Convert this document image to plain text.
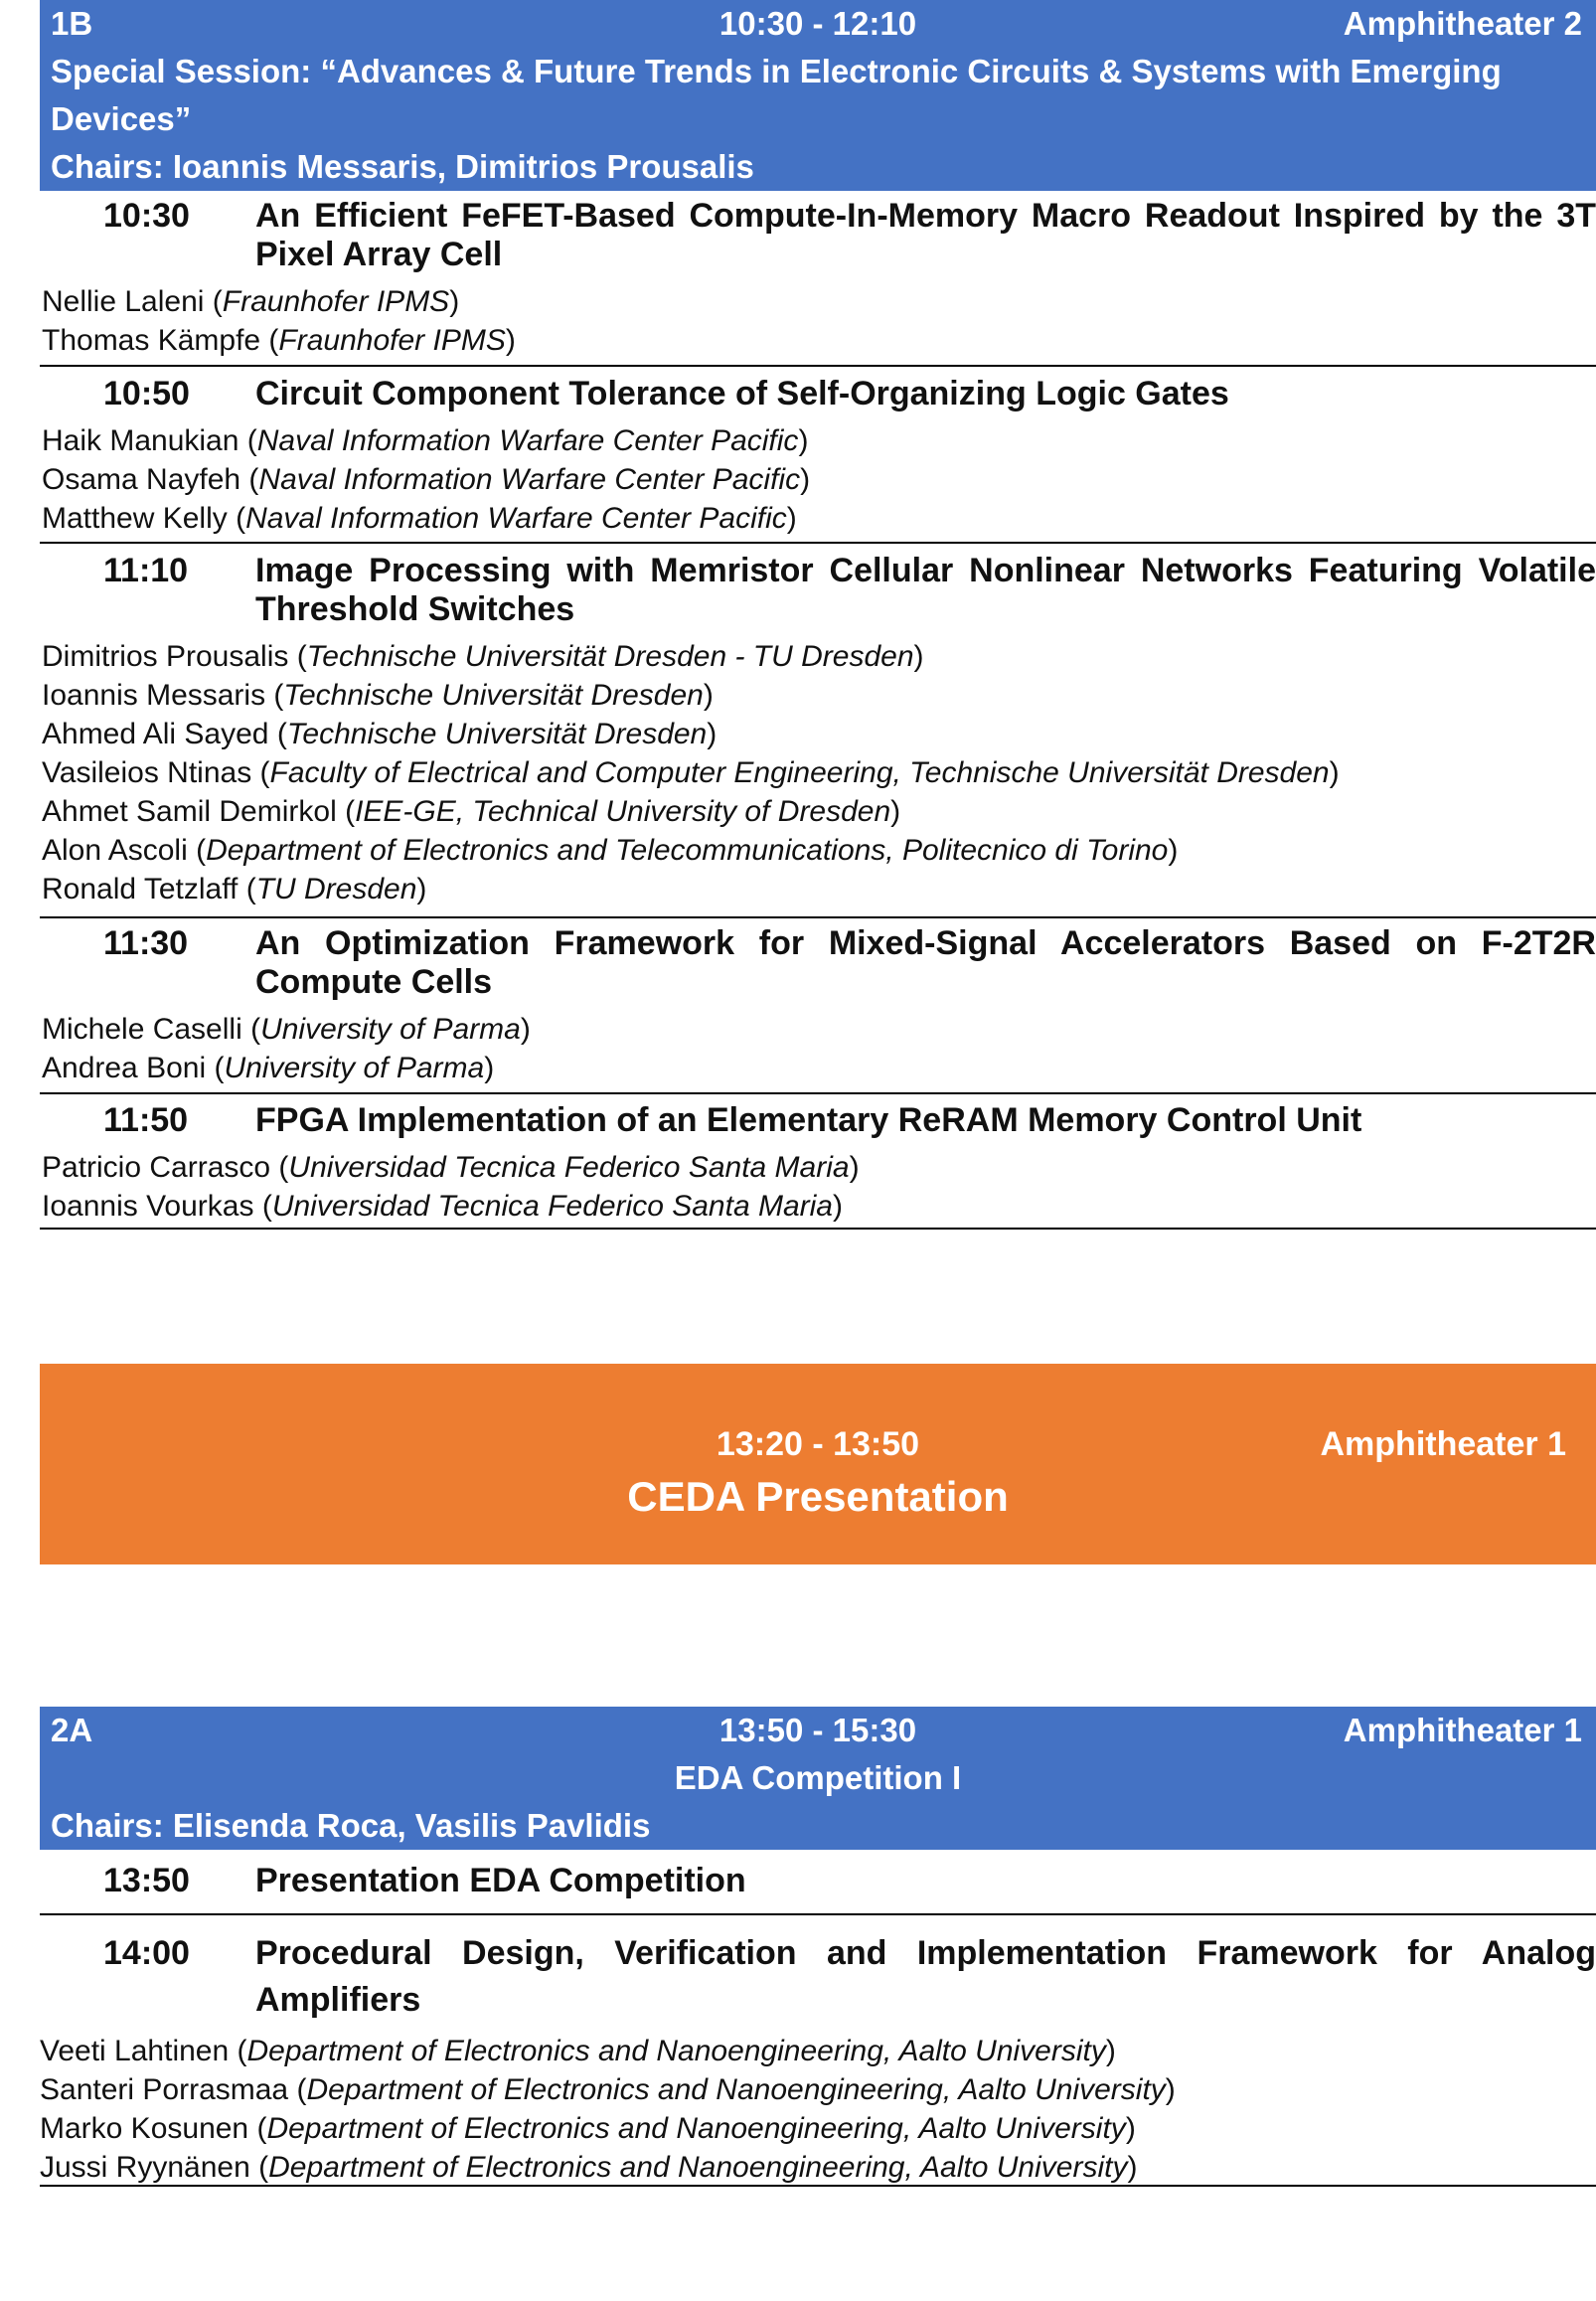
10:30 - 12:10
1B	Amphitheater 2
Special Session: “Advances & Future Trends in Electronic Circuits & Systems with Emerging
Devices”
Chairs: Ioannis Messaris, Dimitrios Prousalis
10:30 An Efficient FeFET-Based Compute-In-Memory Macro Readout Inspired by the 3T Pixel Array Cell
Nellie Laleni (Fraunhofer IPMS)
Thomas Kämpfe (Fraunhofer IPMS)
10:50 Circuit Component Tolerance of Self-Organizing Logic Gates
Haik Manukian (Naval Information Warfare Center Pacific)
Osama Nayfeh (Naval Information Warfare Center Pacific)
Matthew Kelly (Naval Information Warfare Center Pacific)
11:10 Image Processing with Memristor Cellular Nonlinear Networks Featuring Volatile Threshold Switches
Dimitrios Prousalis (Technische Universität Dresden - TU Dresden)
Ioannis Messaris (Technische Universität Dresden)
Ahmed Ali Sayed (Technische Universität Dresden)
Vasileios Ntinas (Faculty of Electrical and Computer Engineering, Technische Universität Dresden)
Ahmet Samil Demirkol (IEE-GE, Technical University of Dresden)
Alon Ascoli (Department of Electronics and Telecommunications, Politecnico di Torino)
Ronald Tetzlaff (TU Dresden)
11:30 An Optimization Framework for Mixed-Signal Accelerators Based on F-2T2R Compute Cells
Michele Caselli (University of Parma)
Andrea Boni (University of Parma)
11:50 FPGA Implementation of an Elementary ReRAM Memory Control Unit
Patricio Carrasco (Universidad Tecnica Federico Santa Maria)
Ioannis Vourkas (Universidad Tecnica Federico Santa Maria)
13:20 - 13:50	Amphitheater 1
CEDA Presentation
13:50 - 15:30
2A	Amphitheater 1
EDA Competition I
Chairs: Elisenda Roca, Vasilis Pavlidis
13:50 Presentation EDA Competition
14:00 Procedural Design, Verification and Implementation Framework for Analog Amplifiers
Veeti Lahtinen (Department of Electronics and Nanoengineering, Aalto University)
Santeri Porrasmaa (Department of Electronics and Nanoengineering, Aalto University)
Marko Kosunen (Department of Electronics and Nanoengineering, Aalto University)
Jussi Ryynänen (Department of Electronics and Nanoengineering, Aalto University)
